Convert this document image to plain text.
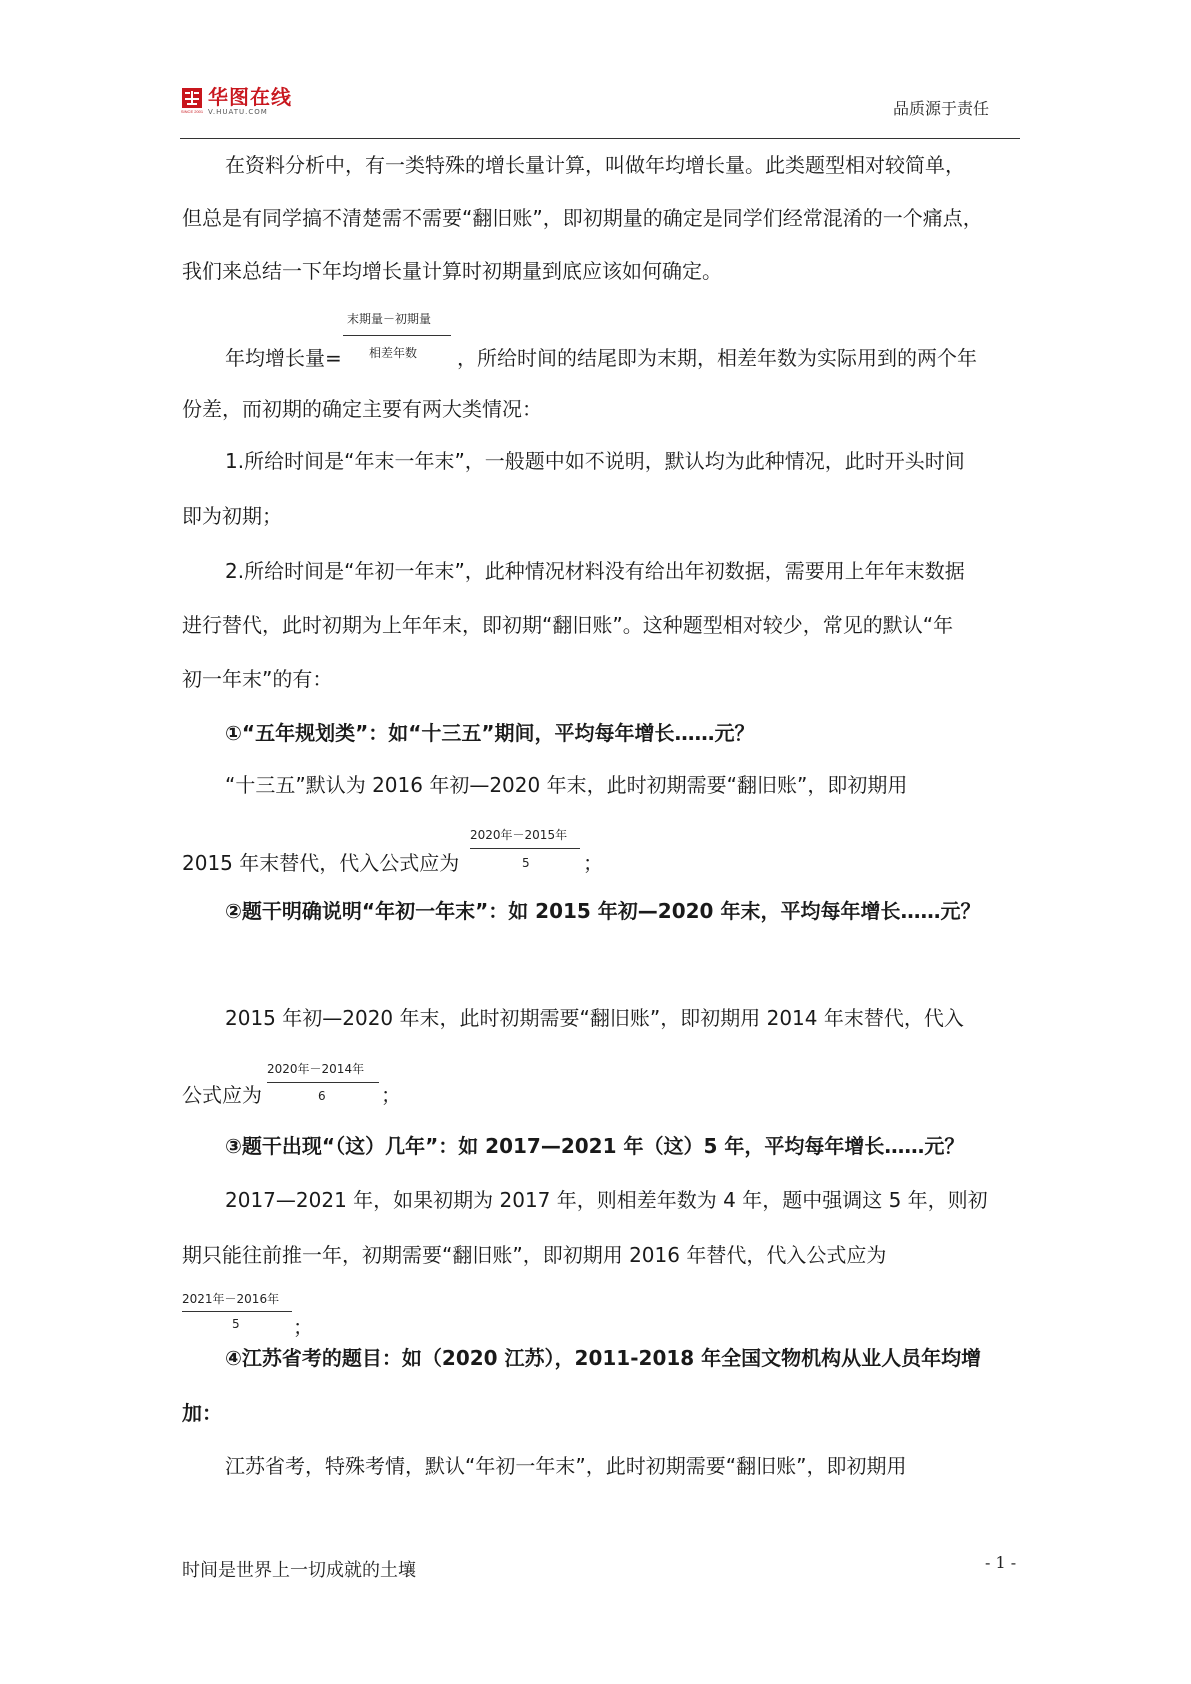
SINCE 2001
华图在线
V.HUATU.COM	品质源于责任
在资料分析中，有一类特殊的增长量计算，叫做年均增长量。此类题型相对较简单，
但总是有同学搞不清楚需不需要“翻旧账”，即初期量的确定是同学们经常混淆的一个痛点，
我们来总结一下年均增长量计算时初期量到底应该如何确定。
年均增长量=
末期量－初期量
相差年数 ，所给时间的结尾即为末期，相差年数为实际用到的两个年
份差，而初期的确定主要有两大类情况：
1.所给时间是“年末一年末”，一般题中如不说明，默认均为此种情况，此时开头时间
即为初期；
2.所给时间是“年初一年末”，此种情况材料没有给出年初数据，需要用上年年末数据
进行替代，此时初期为上年年末，即初期“翻旧账”。这种题型相对较少，常见的默认“年
初一年末”的有：
①“五年规划类”：如“十三五”期间，平均每年增长……元？
“十三五”默认为 2016 年初—2020 年末，此时初期需要“翻旧账”，即初期用
2015 年末替代，代入公式应为
2020年－2015年
5	；
②题干明确说明“年初一年末”：如 2015 年初—2020 年末，平均每年增长……元？
2015 年初—2020 年末，此时初期需要“翻旧账”，即初期用 2014 年末替代，代入
公式应为
2020年－2014年
6	；
③题干出现“（这）几年”：如 2017—2021 年（这）5 年，平均每年增长……元？
2017—2021 年，如果初期为 2017 年，则相差年数为 4 年，题中强调这 5 年，则初
期只能往前推一年，初期需要“翻旧账”，即初期用 2016 年替代，代入公式应为
2021年－2016年
5	；
④江苏省考的题目：如（2020 江苏），2011-2018 年全国文物机构从业人员年均增
加：
江苏省考，特殊考情，默认“年初一年末”，此时初期需要“翻旧账”，即初期用
时间是世界上一切成就的土壤	- 1 -
